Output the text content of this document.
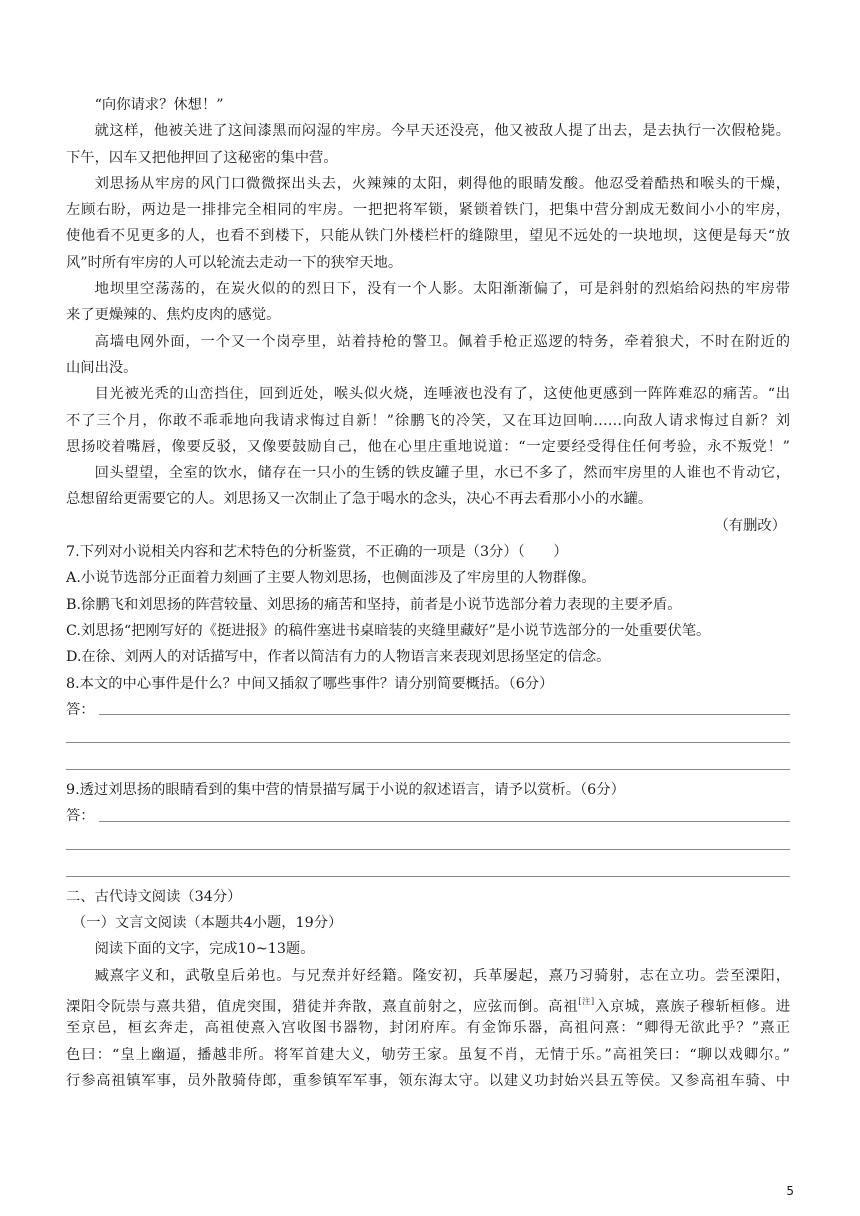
“向你请求？休想！”
就这样，他被关进了这间漆黑而闷湿的牢房。今早天还没亮，他又被敌人提了出去，是去执行一次假枪毙。
下午，囚车又把他押回了这秘密的集中营。
刘思扬从牢房的风门口微微探出头去，火辣辣的太阳，刺得他的眼睛发酸。他忍受着酷热和喉头的干燥，
左顾右盼，两边是一排排完全相同的牢房。一把把将军锁，紧锁着铁门，把集中营分割成无数间小小的牢房，
使他看不见更多的人，也看不到楼下，只能从铁门外楼栏杆的缝隙里，望见不远处的一块地坝，这便是每天“放
风”时所有牢房的人可以轮流去走动一下的狭窄天地。
地坝里空荡荡的，在炭火似的的烈日下，没有一个人影。太阳渐渐偏了，可是斜射的烈焰给闷热的牢房带
来了更燥辣的、焦灼皮肉的感觉。
高墙电网外面，一个又一个岗亭里，站着持枪的警卫。佩着手枪正巡逻的特务，牵着狼犬，不时在附近的
山间出没。
目光被光秃的山峦挡住，回到近处，喉头似火烧，连唾液也没有了，这使他更感到一阵阵难忍的痛苦。“出
不了三个月，你敢不乖乖地向我请求悔过自新！”徐鹏飞的冷笑，又在耳边回响……向敌人请求悔过自新？刘
思扬咬着嘴唇，像要反驳，又像要鼓励自己，他在心里庄重地说道：“一定要经受得住任何考验，永不叛党！”
回头望望，全室的饮水，储存在一只小的生锈的铁皮罐子里，水已不多了，然而牢房里的人谁也不肯动它，
总想留给更需要它的人。刘思扬又一次制止了急于喝水的念头，决心不再去看那小小的水罐。
（有删改）
7.下列对小说相关内容和艺术特色的分析鉴赏，不正确的一项是（3分）（　　）
A.小说节选部分正面着力刻画了主要人物刘思扬，也侧面涉及了牢房里的人物群像。
B.徐鹏飞和刘思扬的阵营较量、刘思扬的痛苦和坚持，前者是小说节选部分着力表现的主要矛盾。
C.刘思扬“把刚写好的《挺进报》的稿件塞进书桌暗装的夹缝里藏好”是小说节选部分的一处重要伏笔。
D.在徐、刘两人的对话描写中，作者以简洁有力的人物语言来表现刘思扬坚定的信念。
8.本文的中心事件是什么？中间又插叙了哪些事件？请分别简要概括。（6分）
答：
9.透过刘思扬的眼睛看到的集中营的情景描写属于小说的叙述语言，请予以赏析。（6分）
答：
二、古代诗文阅读（34分）
（一）文言文阅读（本题共4小题，19分）
阅读下面的文字，完成10~13题。
臧熹字义和，武敬皇后弟也。与兄焘并好经籍。隆安初，兵革屡起，熹乃习骑射，志在立功。尝至溧阳，
溧阳令阮崇与熹共猎，值虎突围，猎徒并奔散，熹直前射之，应弦而倒。高祖[注]入京城，熹族子穆斩桓修。进
至京邑，桓玄奔走，高祖使熹入宫收图书器物，封闭府库。有金饰乐器，高祖问熹：“卿得无欲此乎？”熹正
色曰：“皇上幽逼，播越非所。将军首建大义，劬劳王家。虽复不肖，无情于乐。”高祖笑曰：“聊以戏卿尔。”
行参高祖镇军事，员外散骑侍郎，重参镇军军事，领东海太守。以建义功封始兴县五等侯。又参高祖车骑、中
5
